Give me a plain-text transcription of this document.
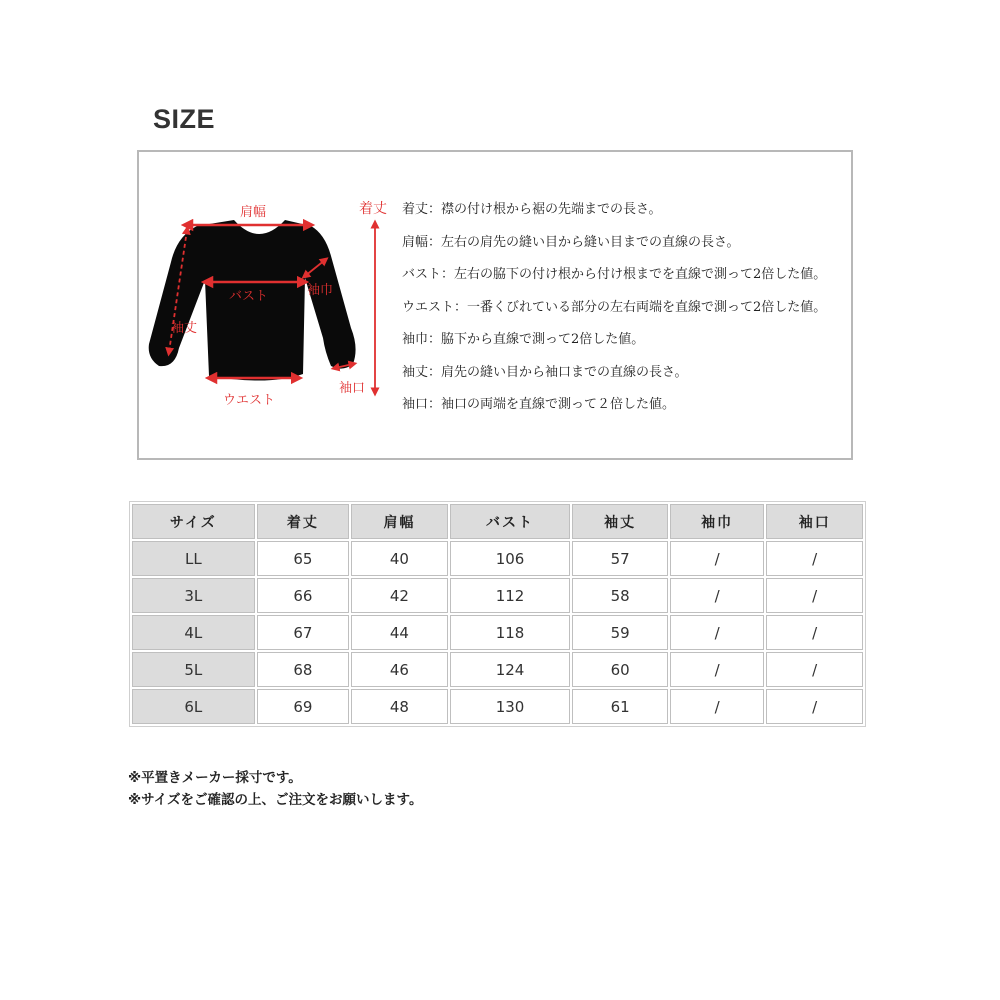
SIZE
肩幅	着丈
バスト	袖巾
袖丈
袖口
ウエスト
着丈 ： 襟の付け根から裾の先端までの長さ。
肩幅 ： 左右の肩先の縫い目から縫い目までの直線の長さ。
バスト ： 左右の脇下の付け根から付け根までを直線で測って2倍した値。
ウエスト ： 一番くびれている部分の左右両端を直線で測って2倍した値。
袖巾 ： 脇下から直線で測って2倍した値。
袖丈 ： 肩先の縫い目から袖口までの直線の長さ。
袖口 ： 袖口の両端を直線で測って２倍した値。
サイズ	着丈	肩幅	バスト	袖丈	袖巾	袖口
LL	65	40	106	57	/	/
3L	66	42	112	58	/	/
4L	67	44	118	59	/	/
5L	68	46	124	60	/	/
6L	69	48	130	61	/	/
※平置きメーカー採寸です。
※サイズをご確認の上、ご注文をお願いします。
